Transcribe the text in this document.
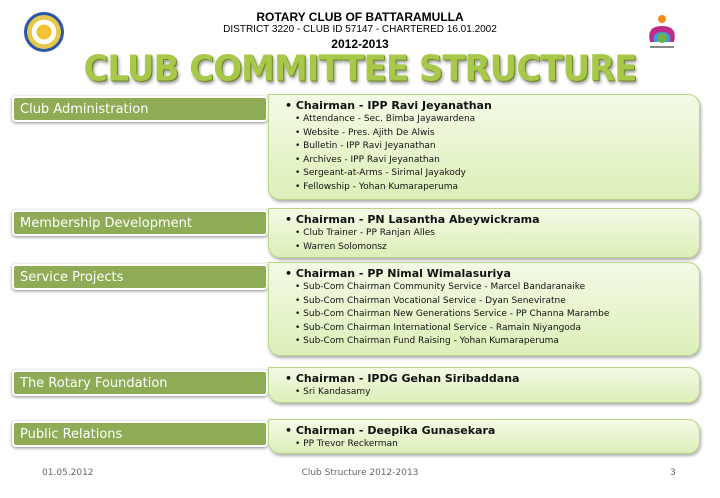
ROTARY CLUB OF BATTARAMULLA
DISTRICT 3220 - CLUB ID 57147 - CHARTERED 16.01.2002
2012-2013
CLUB COMMITTEE STRUCTURE
Club Administration	• Chairman - IPP Ravi Jeyanathan
• Attendance - Sec. Bimba Jayawardena
• Website - Pres. Ajith De Alwis
• Bulletin - IPP Ravi Jeyanathan
• Archives - IPP Ravi Jeyanathan
• Sergeant-at-Arms - Sirimal Jayakody
• Fellowship - Yohan Kumaraperuma
Membership Development	• Chairman - PN Lasantha Abeywickrama
• Club Trainer - PP Ranjan Alles
• Warren Solomonsz
Service Projects	• Chairman - PP Nimal Wimalasuriya
• Sub-Com Chairman Community Service - Marcel Bandaranaike
• Sub-Com Chairman Vocational Service - Dyan Seneviratne
• Sub-Com Chairman New Generations Service - PP Channa Marambe
• Sub-Com Chairman International Service - Ramain Niyangoda
• Sub-Com Chairman Fund Raising - Yohan Kumaraperuma
The Rotary Foundation	• Chairman - IPDG Gehan Siribaddana
• Sri Kandasamy
Public Relations	• Chairman - Deepika Gunasekara
• PP Trevor Reckerman
01.05.2012	Club Structure 2012-2013	3
